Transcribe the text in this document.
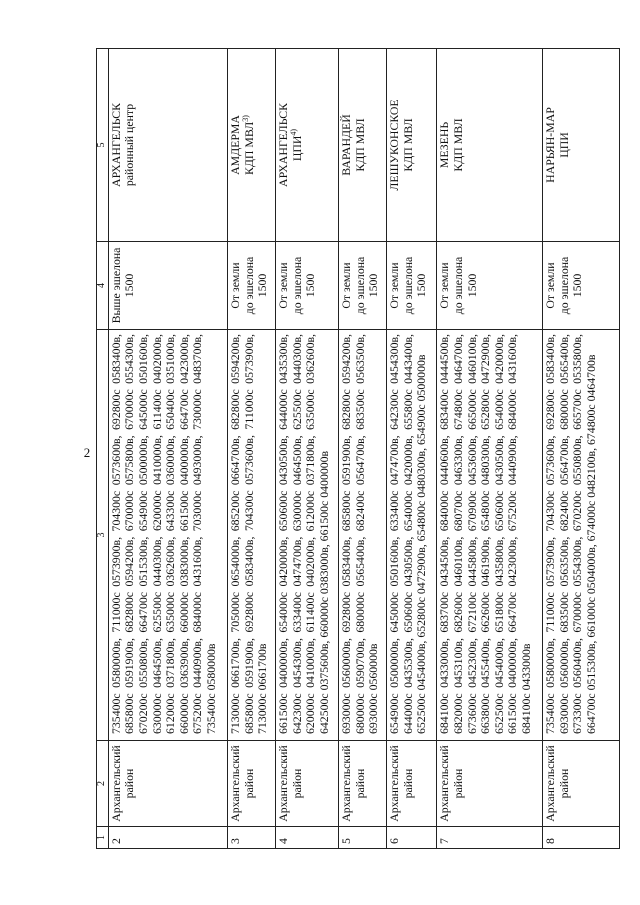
2
1	2	3	4	5
2	Архангельский район	735400с 0580000в, 711000с 0573900в, 704300с 0573600в, 692800с 0583400в, 685800с 0591900в, 682800с 0594200в, 670000с 0575800в, 670000с 0554300в, 670200с 0550800в, 664700с 0515300в, 654900с 0500000в, 645000с 0501600в, 630000с 0464500в, 625500с 0440300в, 620000с 0410000в, 611400с 0402000в, 612000с 0371800в, 635000с 0362600в, 643300с 0360000в, 650400с 0351000в, 660000с 0363900в, 660000с 0383000в, 661500с 0400000в, 664700с 0423000в, 675200с 0440900в, 684000с 0431600в, 703000с 0493000в, 730000с 0483700в, 735400с 0580000в	Выше эшелона 1500	АРХАНГЕЛЬСК районный центр

3	Архангельский район	713000с 0661700в, 705000с 0654000в, 685200с 0664700в, 682800с 0594200в, 685800с 0591900в, 692800с 0583400в, 704300с 0573600в, 711000с 0573900в, 713000с 0661700в	От земли до эшелона 1500	АМДЕРМА КДП МВЛ$^{3)}$

4	Архангельский район	661500с 0400000в, 654000с 0420000в, 650600с 0430500в, 644000с 0435300в, 642300с 0454300в, 633400с 0474700в, 630000с 0464500в, 625500с 0440300в, 620000с 0410000в, 611400с 0402000в, 612000с 0371800в, 635000с 0362600в, 642500с 0375600в, 660000с 0383000в, 661500с 0400000в	От земли до эшелона 1500	АРХАНГЕЛЬСК ЦПИ$^{4)}$

5	Архангельский район	693000с 0560000в, 692800с 0583400в, 685800с 0591900в, 682800с 0594200в, 680000с 0590700в, 680000с 0565400в, 682400с 0564700в, 683500с 0563500в, 693000с 0560000в	От земли до эшелона 1500	ВАРАНДЕЙ КДП МВЛ

6	Архангельский район	654900с 0500000в, 645000с 0501600в, 633400с 0474700в, 642300с 0454300в, 644000с 0435300в, 650600с 0430500в, 654000с 0420000в, 655800с 0443400в, 652500с 0454000в, 652800с 0472900в, 654800с 0480300в, 654900с 0500000в	От земли до эшелона 1500	ЛЕШУКОНСКОЕ КДП МВЛ

7	Архангельский район	684100с 0433000в, 683700с 0434500в, 684000с 0440600в, 683400с 0444500в, 682000с 0453100в, 682600с 0460100в, 680700с 0463300в, 674800с 0464700в, 673600с 0452300в, 672100с 0445800в, 670900с 0453600в, 665000с 0460100в, 663800с 0455400в, 662600с 0461900в, 654800с 0480300в, 652800с 0472900в, 652500с 0454000в, 651800с 0435800в, 650600с 0430500в, 654000с 0420000в, 661500с 0400000в, 664700с 0423000в, 675200с 0440900в, 684000с 0431600в, 684100с 0433000в	От земли до эшелона 1500	МЕЗЕНЬ КДП МВЛ

8	Архангельский район	735400с 0580000в, 711000с 0573900в, 704300с 0573600в, 692800с 0583400в, 693000с 0560000в, 683500с 0563500в, 682400с 0564700в, 680000с 0565400в, 673300с 0560400в, 670000с 0554300в, 670200с 0550800в, 665700с 0535800в, 664700с 0515300в, 661000с 0504000в, 674000с 0482100в, 674800с 0464700в	От земли до эшелона 1500	НАРЬЯН-МАР ЦПИ
